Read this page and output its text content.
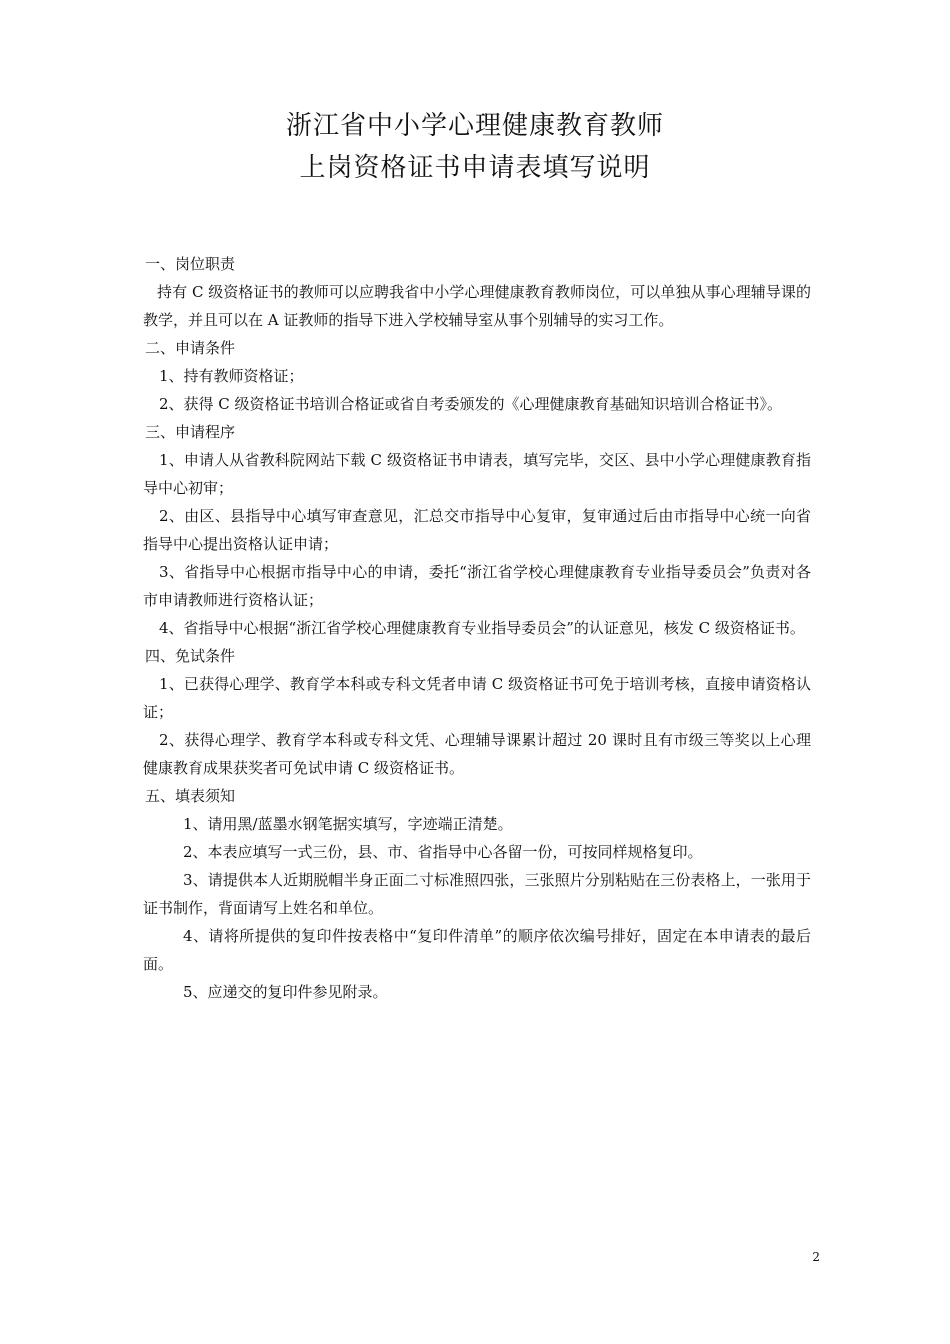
浙江省中小学心理健康教育教师
上岗资格证书申请表填写说明

一、岗位职责

持有 C 级资格证书的教师可以应聘我省中小学心理健康教育教师岗位，可以单独从事心理辅导课的教学，并且可以在 A 证教师的指导下进入学校辅导室从事个别辅导的实习工作。

二、申请条件

1、持有教师资格证；

2、获得 C 级资格证书培训合格证或省自考委颁发的《心理健康教育基础知识培训合格证书》。

三、申请程序

1、申请人从省教科院网站下载 C 级资格证书申请表，填写完毕，交区、县中小学心理健康教育指导中心初审；

2、由区、县指导中心填写审查意见，汇总交市指导中心复审，复审通过后由市指导中心统一向省指导中心提出资格认证申请；

3、省指导中心根据市指导中心的申请，委托“浙江省学校心理健康教育专业指导委员会”负责对各市申请教师进行资格认证；

4、省指导中心根据“浙江省学校心理健康教育专业指导委员会”的认证意见，核发 C 级资格证书。

四、免试条件

1、已获得心理学、教育学本科或专科文凭者申请 C 级资格证书可免于培训考核，直接申请资格认证；

2、获得心理学、教育学本科或专科文凭、心理辅导课累计超过 20 课时且有市级三等奖以上心理健康教育成果获奖者可免试申请 C 级资格证书。

五、填表须知

1、请用黑/蓝墨水钢笔据实填写，字迹端正清楚。

2、本表应填写一式三份，县、市、省指导中心各留一份，可按同样规格复印。

3、请提供本人近期脱帽半身正面二寸标准照四张，三张照片分别粘贴在三份表格上，一张用于证书制作，背面请写上姓名和单位。

4、请将所提供的复印件按表格中“复印件清单”的顺序依次编号排好，固定在本申请表的最后面。

5、应递交的复印件参见附录。

2
